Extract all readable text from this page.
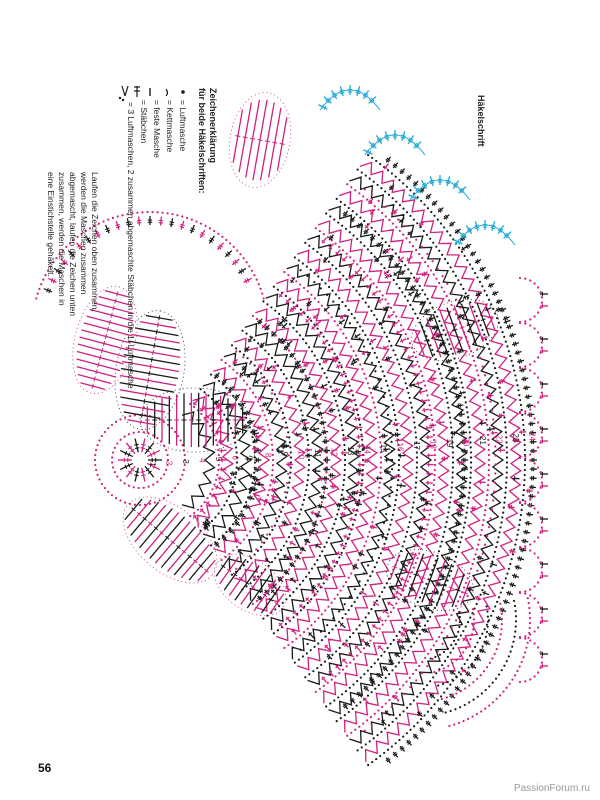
24
23
22
21
20
19
18
17
16
15
14
13
12
11
10
9
8
7
6
5
4
3
2
1
Häkelschrift
Zeichenerklärung
für beide Häkelschriften:
= Luftmasche
= Kettmasche
= feste Masche
= Stäbchen
= 3 Luftmaschen, 2 zusammen abgemaschte Stäbchen in die 1. Luftmasche
Laufen die Zeichen oben zusammen,
werden die Maschen zusammen
abgemascht, laufen die Zeichen unten
zusammen, werden die Maschen in
eine Einstichstelle gehäkelt.
56
PassionForum.ru
